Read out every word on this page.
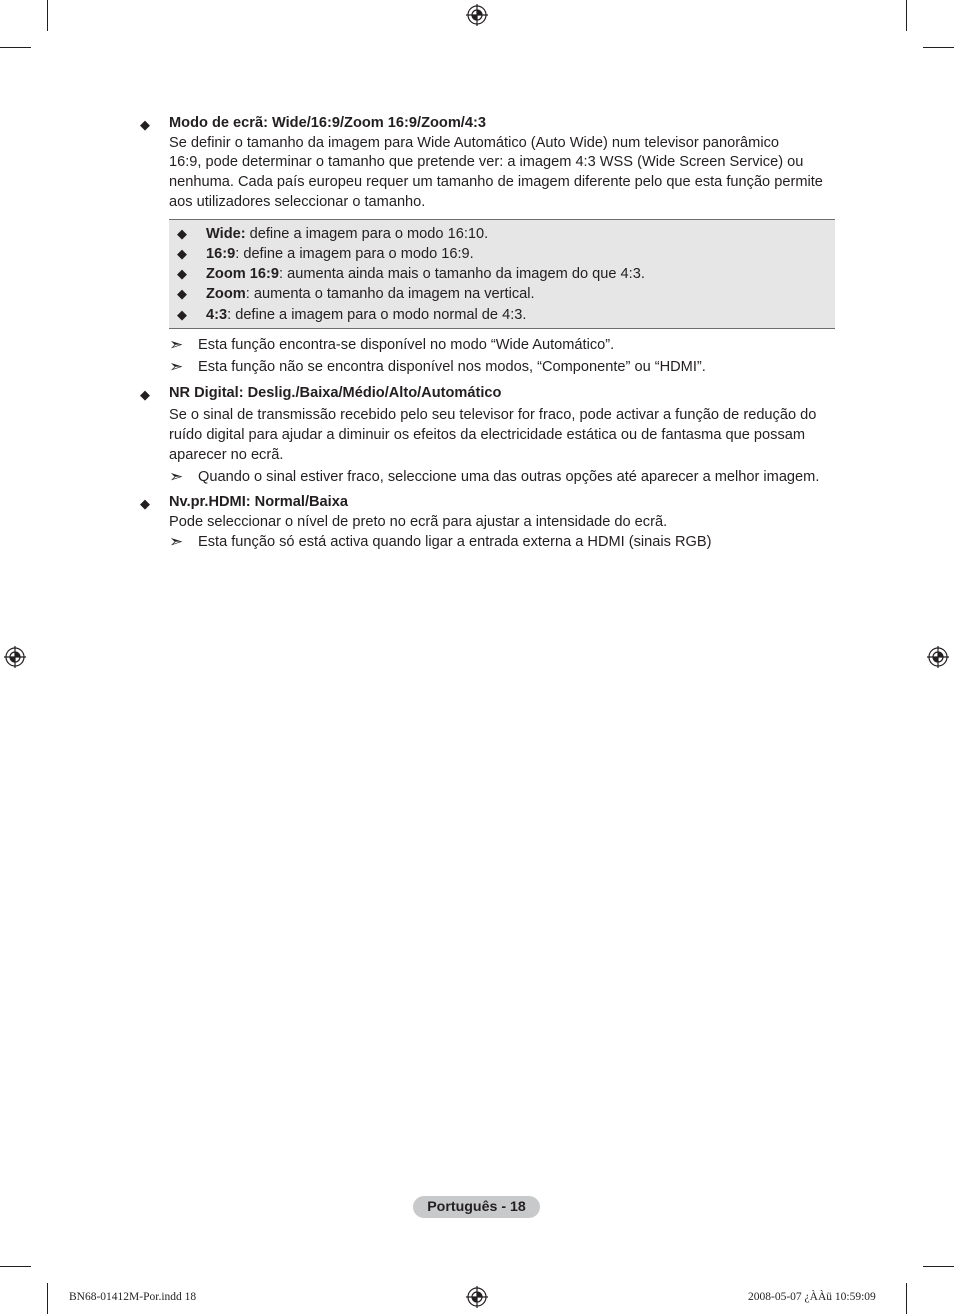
◆ Modo de ecrã: Wide/16:9/Zoom 16:9/Zoom/4:3
Se definir o tamanho da imagem para Wide Automático (Auto Wide) num televisor panorâmico
16:9, pode determinar o tamanho que pretende ver: a imagem 4:3 WSS (Wide Screen Service) ou
nenhuma. Cada país europeu requer um tamanho de imagem diferente pelo que esta função permite
aos utilizadores seleccionar o tamanho.
◆ Wide: define a imagem para o modo 16:10.
◆ 16:9: define a imagem para o modo 16:9.
◆ Zoom 16:9: aumenta ainda mais o tamanho da imagem do que 4:3.
◆ Zoom: aumenta o tamanho da imagem na vertical.
◆ 4:3: define a imagem para o modo normal de 4:3.
➣ Esta função encontra-se disponível no modo “Wide Automático”.
➣ Esta função não se encontra disponível nos modos, “Componente” ou “HDMI”.
◆ NR Digital: Deslig./Baixa/Médio/Alto/Automático
Se o sinal de transmissão recebido pelo seu televisor for fraco, pode activar a função de redução do
ruído digital para ajudar a diminuir os efeitos da electricidade estática ou de fantasma que possam
aparecer no ecrã.
➣ Quando o sinal estiver fraco, seleccione uma das outras opções até aparecer a melhor imagem.
◆ Nv.pr.HDMI: Normal/Baixa
Pode seleccionar o nível de preto no ecrã para ajustar a intensidade do ecrã.
➣ Esta função só está activa quando ligar a entrada externa a HDMI (sinais RGB)
Português - 18
BN68-01412M-Por.indd 18	2008-05-07 ¿ÀÀü 10:59:09
